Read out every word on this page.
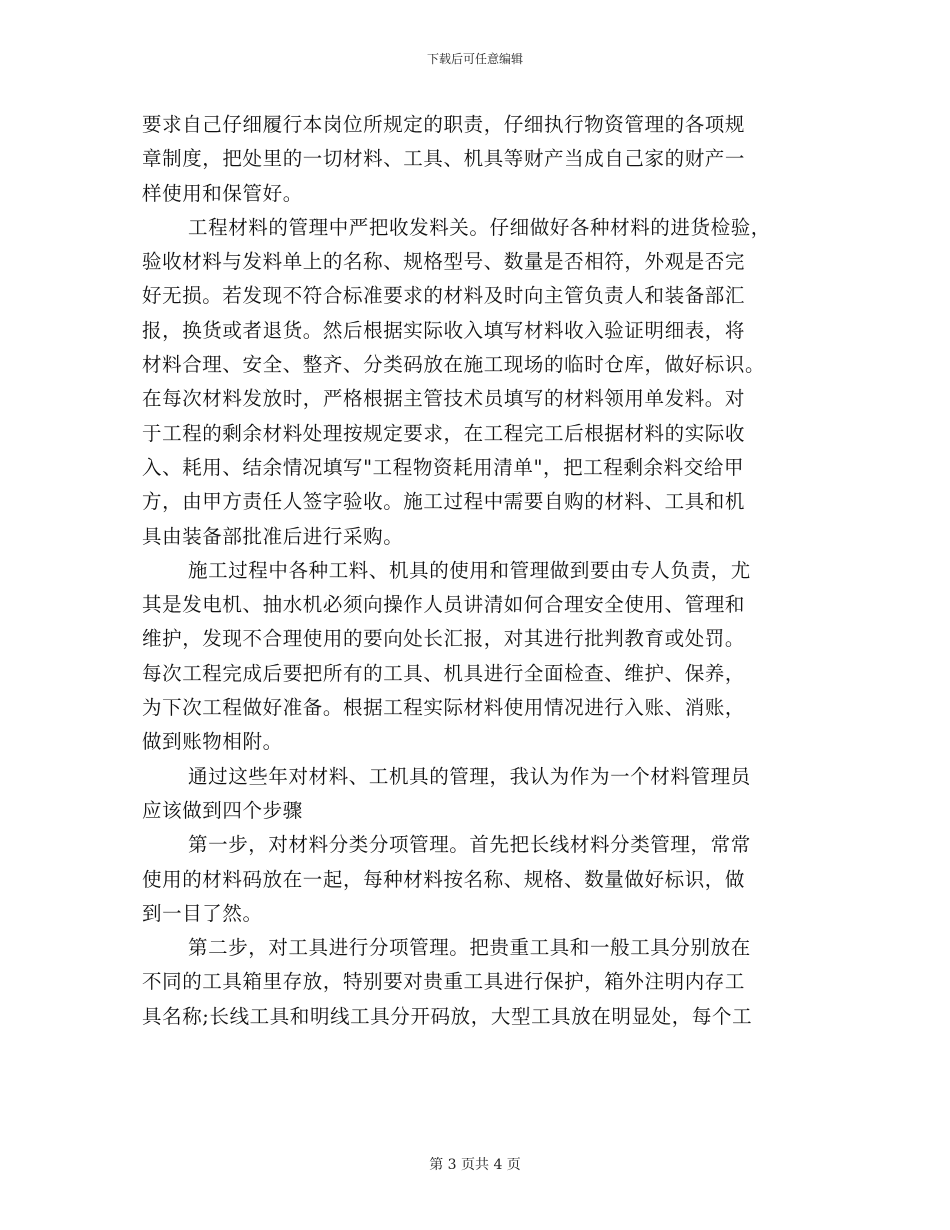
下载后可任意编辑
要求自己仔细履行本岗位所规定的职责，仔细执行物资管理的各项规
章制度，把处里的一切材料、工具、机具等财产当成自己家的财产一
样使用和保管好。
工程材料的管理中严把收发料关。仔细做好各种材料的进货检验，
验收材料与发料单上的名称、规格型号、数量是否相符，外观是否完
好无损。若发现不符合标准要求的材料及时向主管负责人和装备部汇
报，换货或者退货。然后根据实际收入填写材料收入验证明细表，将
材料合理、安全、整齐、分类码放在施工现场的临时仓库，做好标识。
在每次材料发放时，严格根据主管技术员填写的材料领用单发料。对
于工程的剩余材料处理按规定要求，在工程完工后根据材料的实际收
入、耗用、结余情况填写"工程物资耗用清单"，把工程剩余料交给甲
方，由甲方责任人签字验收。施工过程中需要自购的材料、工具和机
具由装备部批准后进行采购。
施工过程中各种工料、机具的使用和管理做到要由专人负责，尤
其是发电机、抽水机必须向操作人员讲清如何合理安全使用、管理和
维护，发现不合理使用的要向处长汇报，对其进行批判教育或处罚。
每次工程完成后要把所有的工具、机具进行全面检查、维护、保养，
为下次工程做好准备。根据工程实际材料使用情况进行入账、消账，
做到账物相附。
通过这些年对材料、工机具的管理，我认为作为一个材料管理员
应该做到四个步骤
第一步，对材料分类分项管理。首先把长线材料分类管理，常常
使用的材料码放在一起，每种材料按名称、规格、数量做好标识，做
到一目了然。
第二步，对工具进行分项管理。把贵重工具和一般工具分别放在
不同的工具箱里存放，特别要对贵重工具进行保护，箱外注明内存工
具名称;长线工具和明线工具分开码放，大型工具放在明显处，每个工
第 3 页共 4 页
